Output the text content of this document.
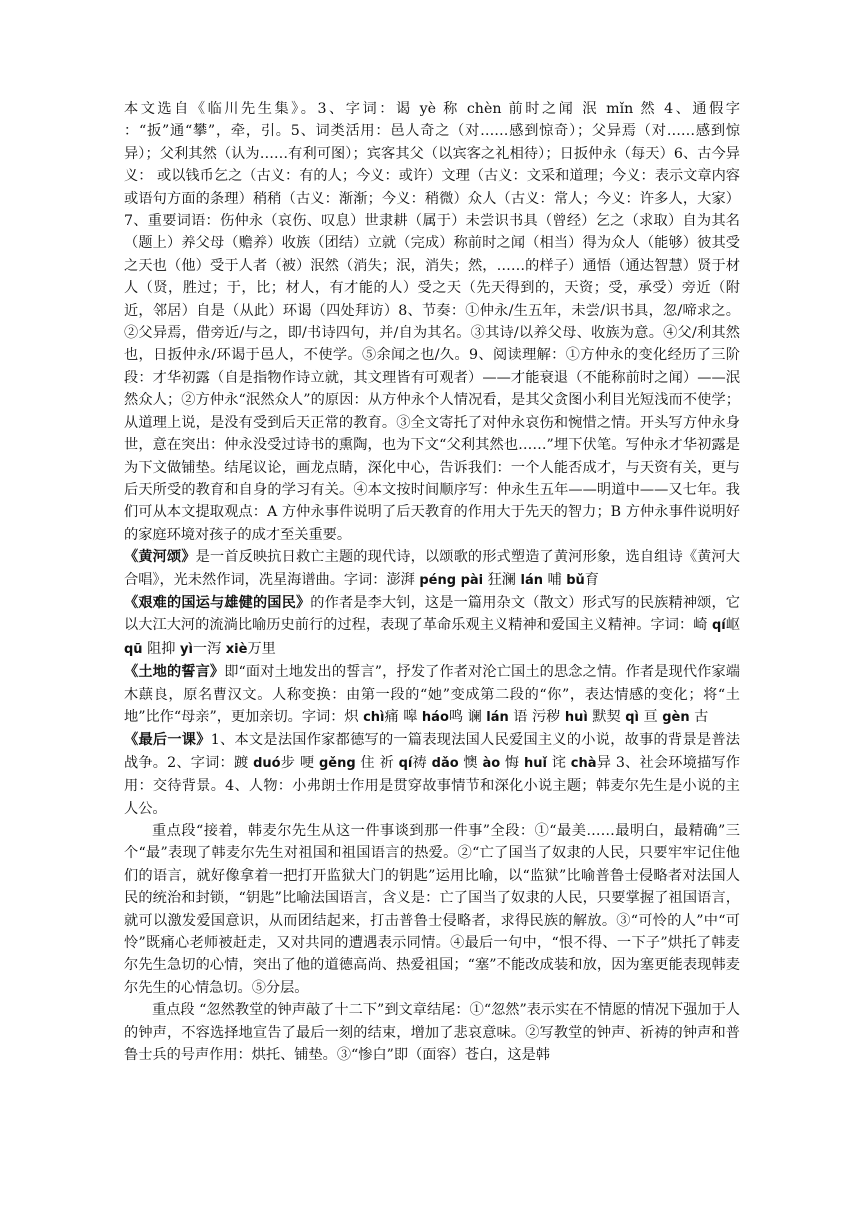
本文选自《临川先生集》。3、字词：谒 yè 称 chèn 前时之闻 泯 mǐn 然 4、通假字 ：“扳”通“攀”，牵，引。5、词类活用：邑人奇之（对……感到惊奇）；父异焉（对……感到惊异）；父利其然（认为……有利可图）；宾客其父（以宾客之礼相待）；日扳仲永（每天）6、古今异义： 或以钱币乞之（古义：有的人；今义：或许）文理（古义：文采和道理；今义：表示文章内容或语句方面的条理）稍稍（古义：渐渐；今义：稍微）众人（古义：常人；今义：许多人，大家）7、重要词语：伤仲永（哀伤、叹息）世隶耕（属于）未尝识书具（曾经）乞之（求取）自为其名（题上）养父母（赡养）收族（团结）立就（完成）称前时之闻（相当）得为众人（能够）彼其受之天也（他）受于人者（被）泯然（消失；泯，消失；然，……的样子）通悟（通达智慧）贤于材人（贤，胜过；于，比；材人，有才能的人）受之天（先天得到的，天资；受，承受）旁近（附近，邻居）自是（从此）环谒（四处拜访）8、节奏：①仲永/生五年，未尝/识书具，忽/啼求之。②父异焉，借旁近/与之，即/书诗四句，并/自为其名。③其诗/以养父母、收族为意。④父/利其然也，日扳仲永/环谒于邑人，不使学。⑤余闻之也/久。9、阅读理解：①方仲永的变化经历了三阶段：才华初露（自是指物作诗立就，其文理皆有可观者）——才能衰退（不能称前时之闻）——泯然众人；②方仲永“泯然众人”的原因：从方仲永个人情况看，是其父贪图小利目光短浅而不使学；从道理上说，是没有受到后天正常的教育。③全文寄托了对仲永哀伤和惋惜之情。开头写方仲永身世，意在突出：仲永没受过诗书的熏陶，也为下文“父利其然也……”埋下伏笔。写仲永才华初露是为下文做铺垫。结尾议论，画龙点睛，深化中心，告诉我们：一个人能否成才，与天资有关，更与后天所受的教育和自身的学习有关。④本文按时间顺序写：仲永生五年——明道中——又七年。我们可从本文提取观点：A 方仲永事件说明了后天教育的作用大于先天的智力；B 方仲永事件说明好的家庭环境对孩子的成才至关重要。

《黄河颂》是一首反映抗日救亡主题的现代诗，以颂歌的形式塑造了黄河形象，选自组诗《黄河大合唱》，光未然作词，冼星海谱曲。字词：澎湃 péng pài 狂澜 lán 哺 bǔ育

《艰难的国运与雄健的国民》的作者是李大钊，这是一篇用杂文（散文）形式写的民族精神颂，它以大江大河的流淌比喻历史前行的过程，表现了革命乐观主义精神和爱国主义精神。字词：崎 qí岖 qū 阻抑 yì一泻 xiè万里

《土地的誓言》即“面对土地发出的誓言”，抒发了作者对沦亡国土的思念之情。作者是现代作家端木蕻良，原名曹汉文。人称变换：由第一段的“她”变成第二段的“你”，表达情感的变化；将“土地”比作“母亲”，更加亲切。字词：炽 chì痛 嗥 háo鸣 谰 lán 语 污秽 huì 默契 qì 亘 gèn 古

《最后一课》1、本文是法国作家都德写的一篇表现法国人民爱国主义的小说，故事的背景是普法战争。2、字词：踱 duó步 哽 gěng 住 祈 qí祷 dǎo 懊 ào 悔 huǐ 诧 chà异 3、社会环境描写作用：交待背景。4、人物：小弗朗士作用是贯穿故事情节和深化小说主题；韩麦尔先生是小说的主人公。

重点段“接着，韩麦尔先生从这一件事谈到那一件事”全段：①“最美……最明白，最精确”三个“最”表现了韩麦尔先生对祖国和祖国语言的热爱。②“亡了国当了奴隶的人民，只要牢牢记住他们的语言，就好像拿着一把打开监狱大门的钥匙”运用比喻，以“监狱”比喻普鲁士侵略者对法国人民的统治和封锁，“钥匙”比喻法国语言，含义是：亡了国当了奴隶的人民，只要掌握了祖国语言，就可以激发爱国意识，从而团结起来，打击普鲁士侵略者，求得民族的解放。③“可怜的人”中“可怜”既痛心老师被赶走，又对共同的遭遇表示同情。④最后一句中，“恨不得、一下子”烘托了韩麦尔先生急切的心情，突出了他的道德高尚、热爱祖国；“塞”不能改成装和放，因为塞更能表现韩麦尔先生的心情急切。⑤分层。

重点段 “忽然教堂的钟声敲了十二下”到文章结尾：①“忽然”表示实在不情愿的情况下强加于人的钟声，不容选择地宣告了最后一刻的结束，增加了悲哀意味。②写教堂的钟声、祈祷的钟声和普鲁士兵的号声作用：烘托、铺垫。③“惨白”即（面容）苍白，这是韩
